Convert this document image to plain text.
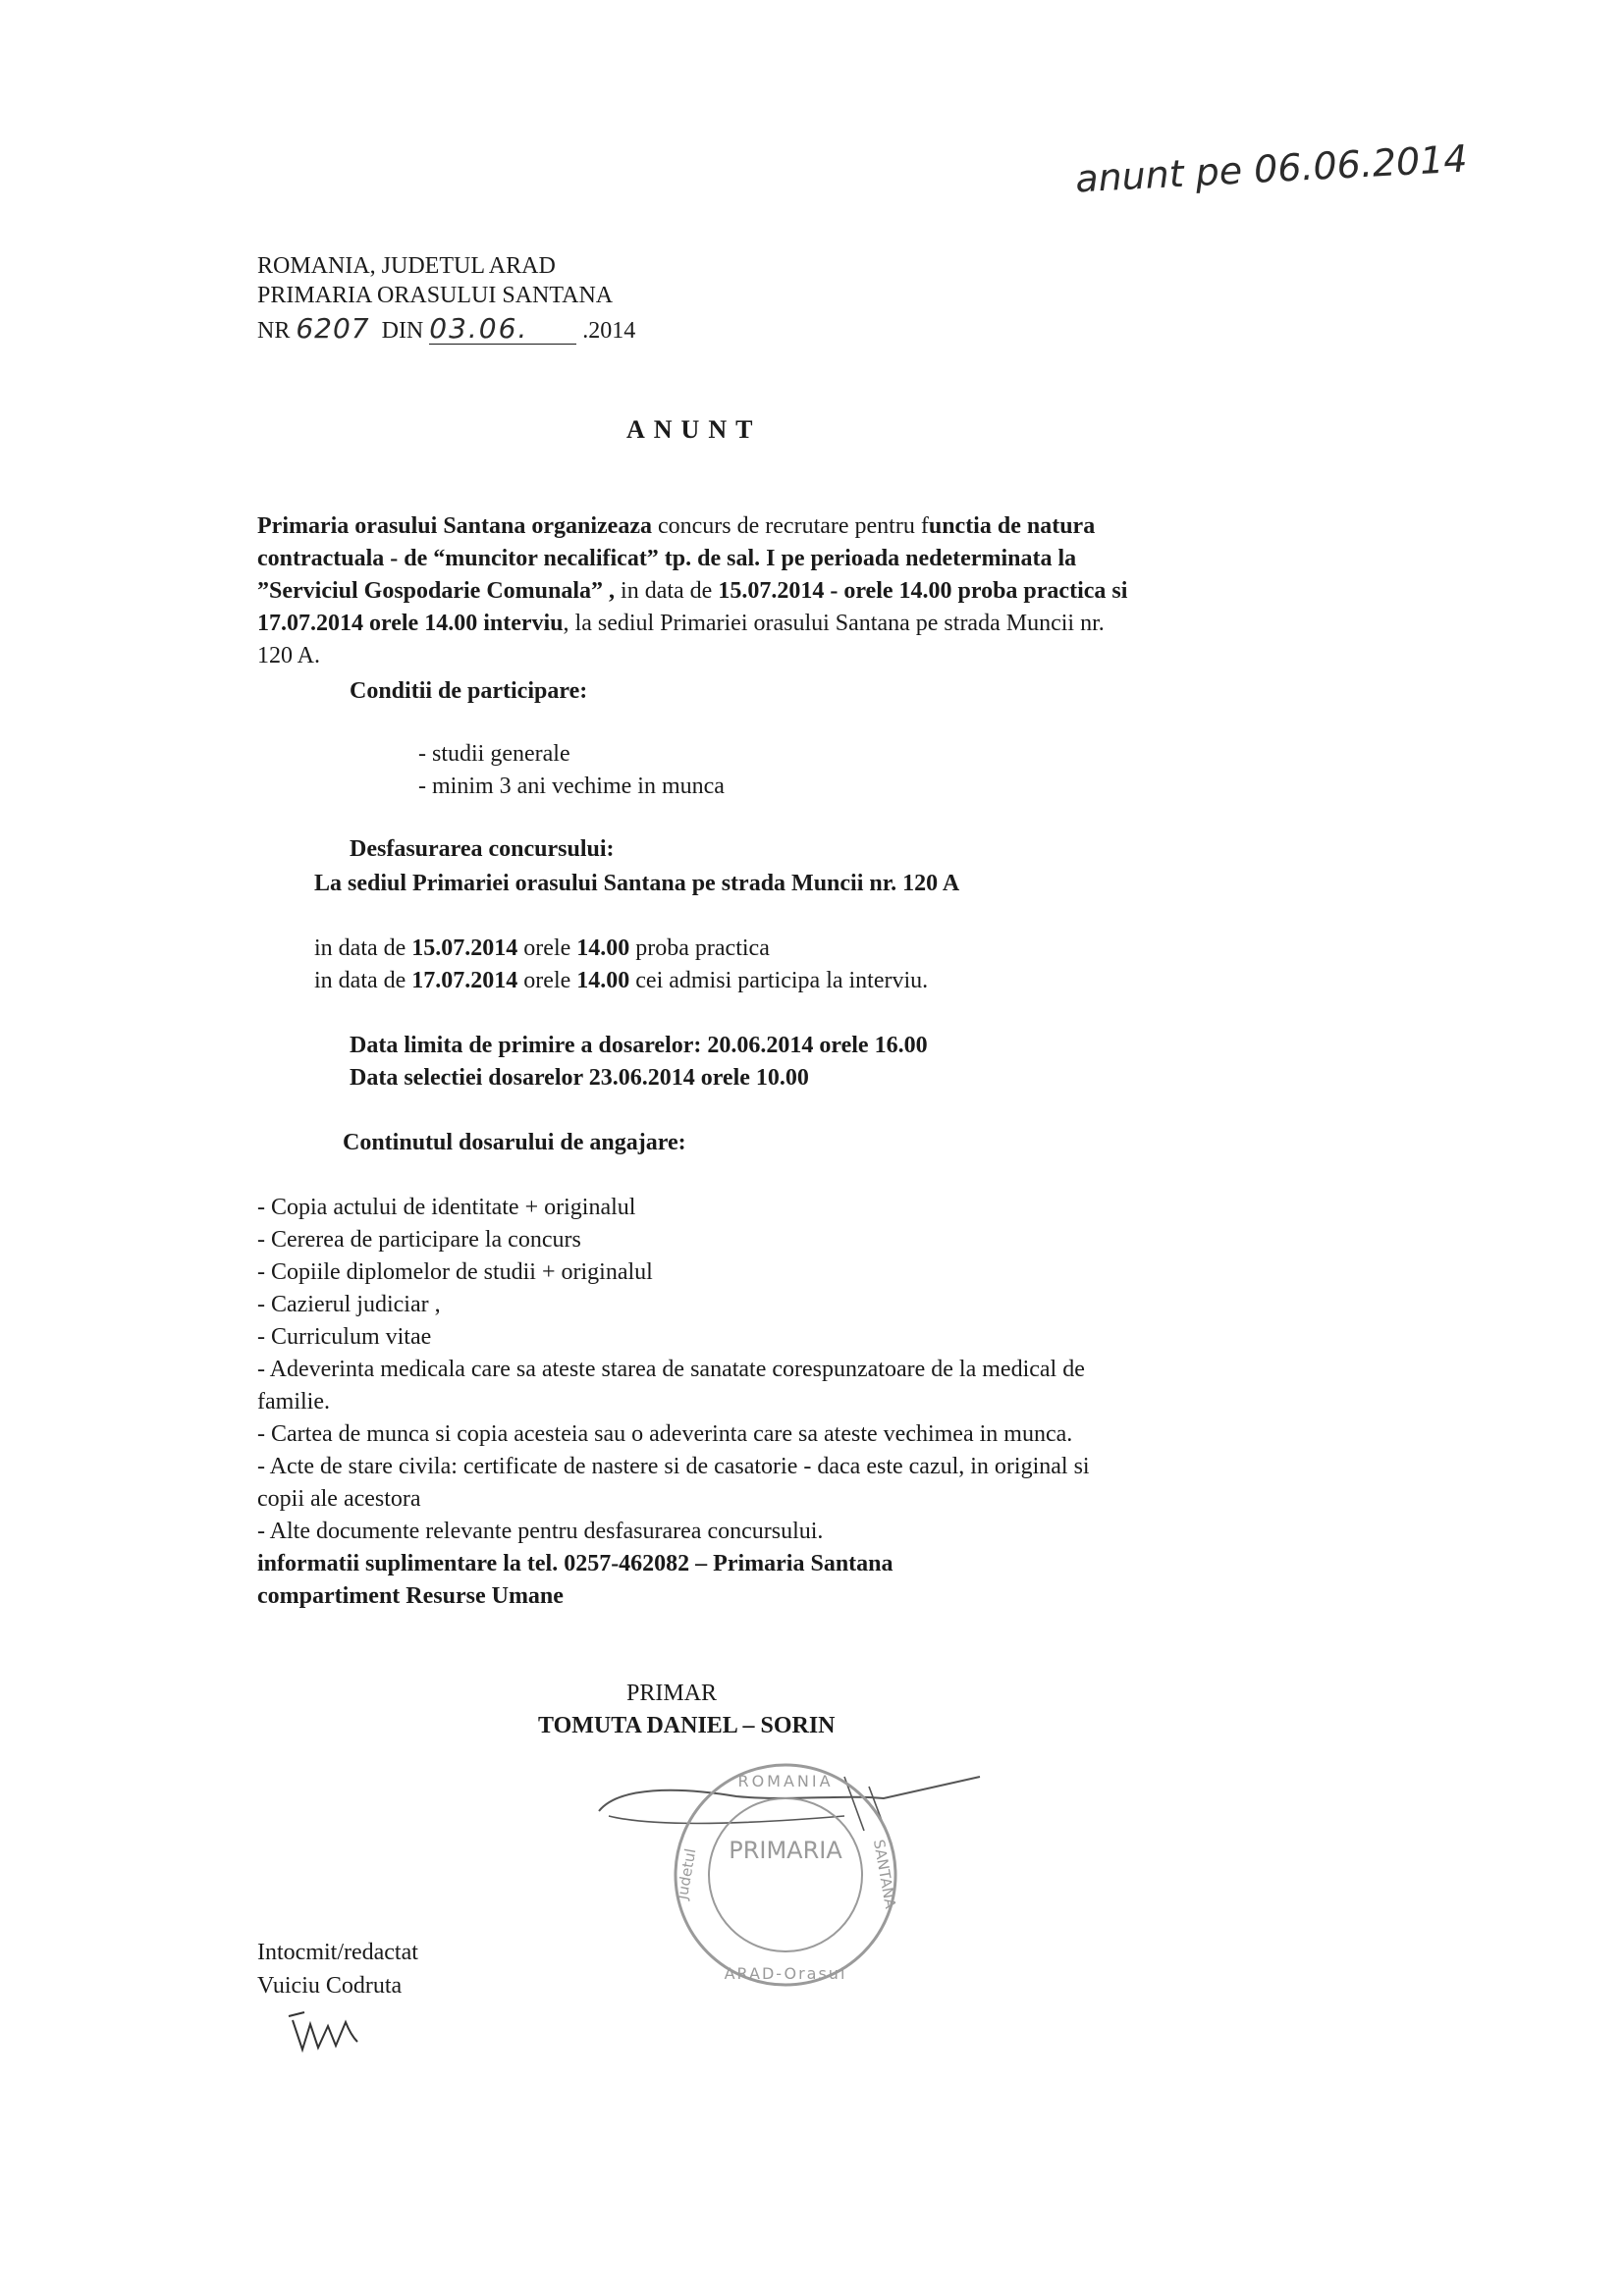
anunt pe 06.06.2014
ROMANIA, JUDETUL ARAD
PRIMARIA ORASULUI SANTANA
NR 6207 DIN 03.06. .2014
ANUNT
Primaria orasului Santana organizeaza concurs de recrutare pentru functia de natura
contractuala - de “muncitor necalificat” tp. de sal. I pe perioada nedeterminata la
”Serviciul Gospodarie Comunala” , in data de 15.07.2014 - orele 14.00 proba practica si
17.07.2014 orele 14.00 interviu, la sediul Primariei orasului Santana pe strada Muncii nr.
120 A.
Conditii de participare:
- studii generale
- minim 3 ani vechime in munca
Desfasurarea concursului:
La sediul Primariei orasului Santana pe strada Muncii nr. 120 A
in data de 15.07.2014 orele 14.00 proba practica
in data de 17.07.2014 orele 14.00 cei admisi participa la interviu.
Data limita de primire a dosarelor: 20.06.2014 orele 16.00
Data selectiei dosarelor 23.06.2014 orele 10.00
Continutul dosarului de angajare:
- Copia actului de identitate + originalul
- Cererea de participare la concurs
- Copiile diplomelor de studii + originalul
- Cazierul judiciar ,
- Curriculum vitae
- Adeverinta medicala care sa ateste starea de sanatate corespunzatoare de la medical de
familie.
- Cartea de munca si copia acesteia sau o adeverinta care sa ateste vechimea in munca.
- Acte de stare civila: certificate de nastere si de casatorie - daca este cazul, in original si
copii ale acestora
- Alte documente relevante pentru desfasurarea concursului.
informatii suplimentare la tel. 0257-462082 – Primaria Santana
compartiment Resurse Umane
PRIMAR
TOMUTA DANIEL – SORIN
PRIMARIA
ROMANIA
ARAD-Orasul
Judetul	SANTANA
Intocmit/redactat
Vuiciu Codruta
